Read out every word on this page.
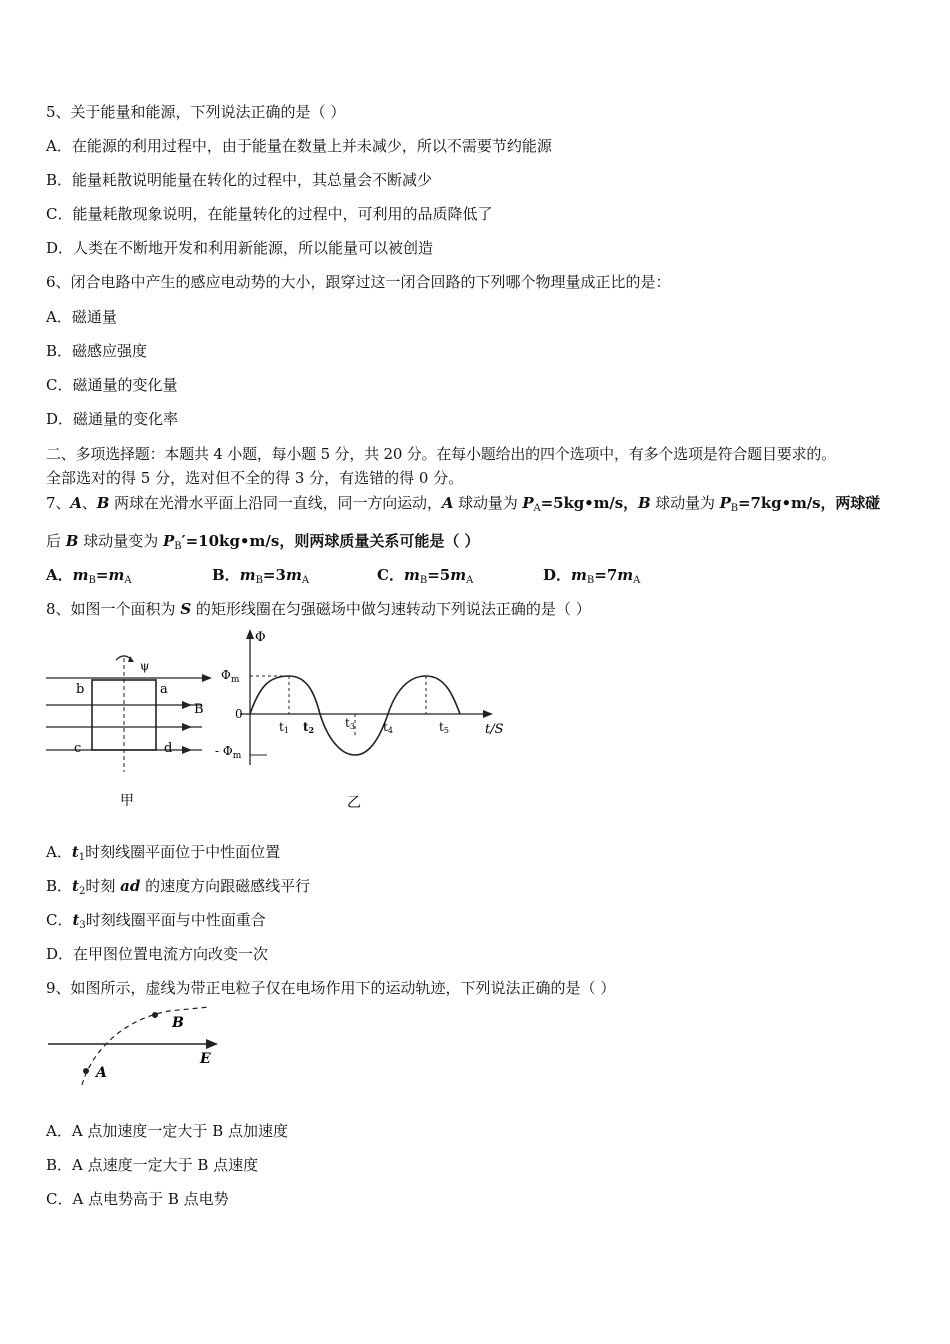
5、关于能量和能源，下列说法正确的是（ ）
A．在能源的利用过程中，由于能量在数量上并未减少，所以不需要节约能源
B．能量耗散说明能量在转化的过程中，其总量会不断减少
C．能量耗散现象说明，在能量转化的过程中，可利用的品质降低了
D．人类在不断地开发和利用新能源，所以能量可以被创造
6、闭合电路中产生的感应电动势的大小，跟穿过这一闭合回路的下列哪个物理量成正比的是：
A．磁通量
B．磁感应强度
C．磁通量的变化量
D．磁通量的变化率
二、多项选择题：本题共 4 小题，每小题 5 分，共 20 分。在每小题给出的四个选项中，有多个选项是符合题目要求的。
全部选对的得 5 分，选对但不全的得 3 分，有选错的得 0 分。
7、A、B 两球在光滑水平面上沿同一直线，同一方向运动，A 球动量为 $P_A=5kg•m/s$，B 球动量为 $P_B=7kg•m/s$，两球碰
后 B 球动量变为 $P_B'=10kg•m/s$，则两球质量关系可能是（ ）
A．$m_B=m_A$	B．$m_B=3m_A$	C．$m_B=5m_A$	D．$m_B=7m_A$
8、如图一个面积为 S 的矩形线圈在匀强磁场中做匀速转动下列说法正确的是（ ）
ψ
b	a
c	d
B
甲
Φ
$\Phi_m$
- $\Phi_m$
0
t1 t2	t3 t4	t5	t/S
乙
A．$t_1$时刻线圈平面位于中性面位置
B．$t_2$时刻 ad 的速度方向跟磁感线平行
C．$t_3$时刻线圈平面与中性面重合
D．在甲图位置电流方向改变一次
9、如图所示，虚线为带正电粒子仅在电场作用下的运动轨迹，下列说法正确的是（ ）
A
B
E
A．A 点加速度一定大于 B 点加速度
B．A 点速度一定大于 B 点速度
C．A 点电势高于 B 点电势
